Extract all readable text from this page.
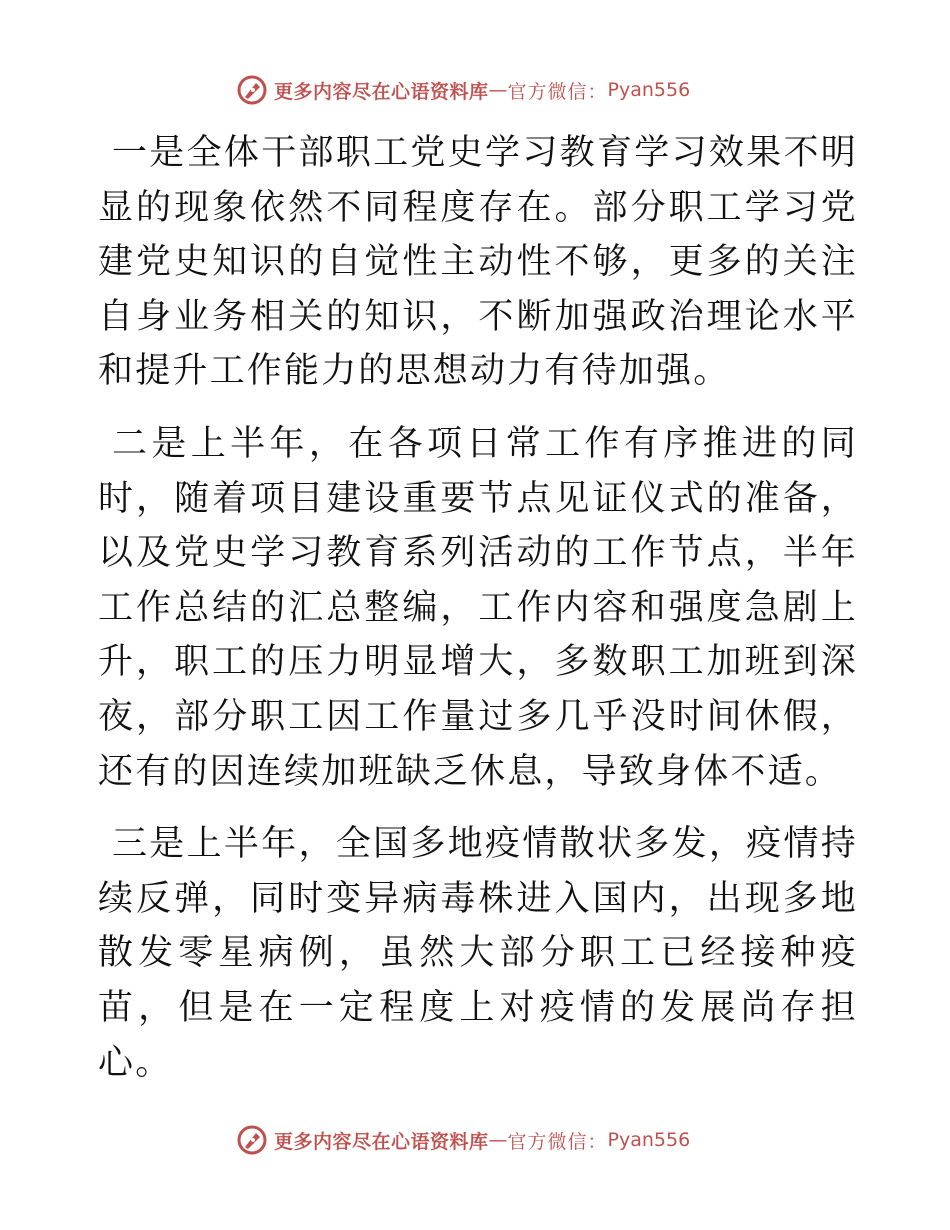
更多内容尽在心语资料库 — 官方微信： Pyan556

一是全体干部职工党史学习教育学习效果不明显的现象依然不同程度存在。部分职工学习党建党史知识的自觉性主动性不够，更多的关注自身业务相关的知识，不断加强政治理论水平和提升工作能力的思想动力有待加强。

二是上半年，在各项日常工作有序推进的同时，随着项目建设重要节点见证仪式的准备，以及党史学习教育系列活动的工作节点，半年工作总结的汇总整编，工作内容和强度急剧上升，职工的压力明显增大，多数职工加班到深夜，部分职工因工作量过多几乎没时间休假，还有的因连续加班缺乏休息，导致身体不适。

三是上半年，全国多地疫情散状多发，疫情持续反弹，同时变异病毒株进入国内，出现多地散发零星病例，虽然大部分职工已经接种疫苗，但是在一定程度上对疫情的发展尚存担心。

更多内容尽在心语资料库 — 官方微信： Pyan556
